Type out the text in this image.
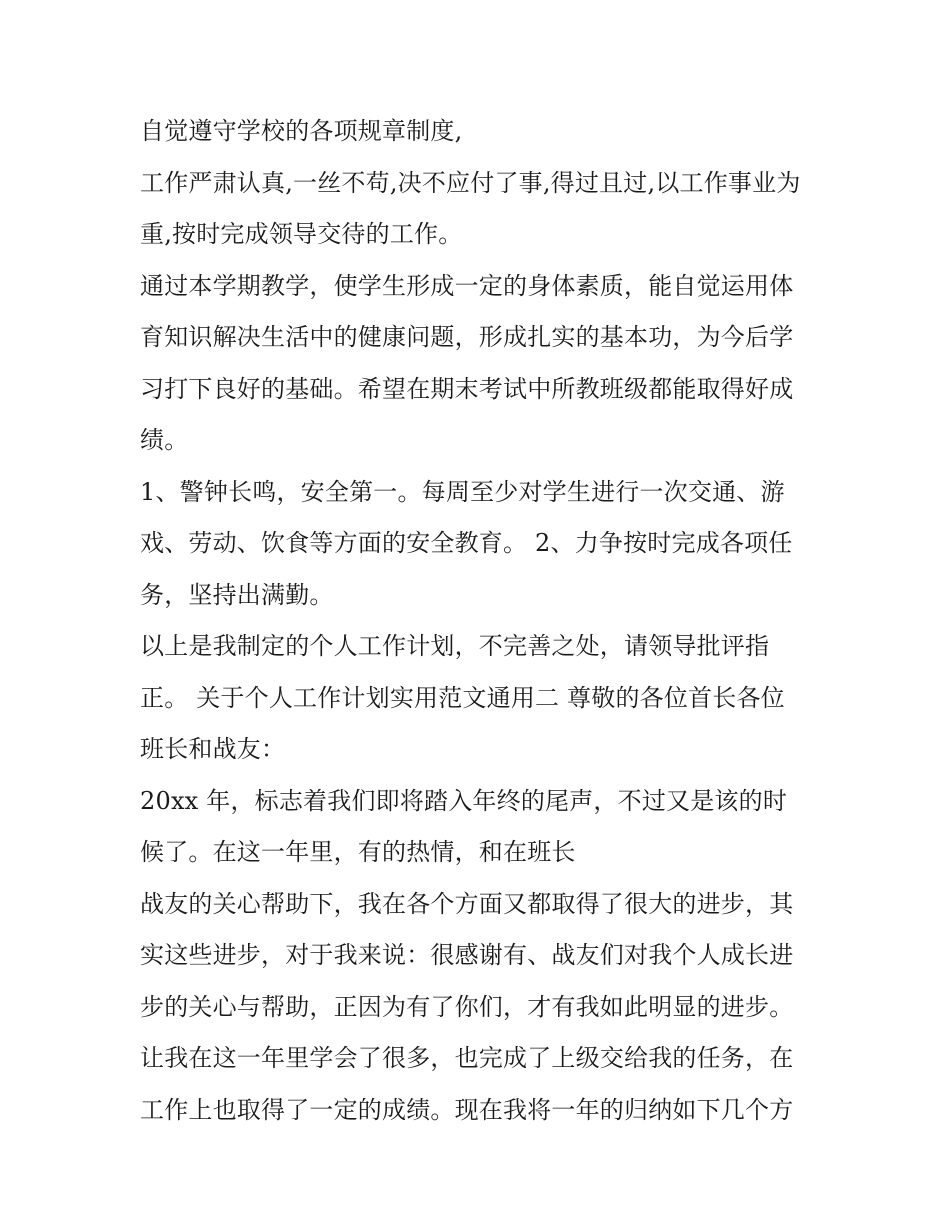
自觉遵守学校的各项规章制度,
工作严肃认真,一丝不苟,决不应付了事,得过且过,以工作事业为
重,按时完成领导交待的工作。
通过本学期教学，使学生形成一定的身体素质，能自觉运用体
育知识解决生活中的健康问题，形成扎实的基本功，为今后学
习打下良好的基础。希望在期末考试中所教班级都能取得好成
绩。
1、警钟长鸣，安全第一。每周至少对学生进行一次交通、游
戏、劳动、饮食等方面的安全教育。 2、力争按时完成各项任
务，坚持出满勤。
以上是我制定的个人工作计划，不完善之处，请领导批评指
正。 关于个人工作计划实用范文通用二 尊敬的各位首长各位
班长和战友：
20xx 年，标志着我们即将踏入年终的尾声，不过又是该的时
候了。在这一年里，有的热情，和在班长
战友的关心帮助下，我在各个方面又都取得了很大的进步，其
实这些进步，对于我来说：很感谢有、战友们对我个人成长进
步的关心与帮助，正因为有了你们，才有我如此明显的进步。
让我在这一年里学会了很多，也完成了上级交给我的任务，在
工作上也取得了一定的成绩。现在我将一年的归纳如下几个方
